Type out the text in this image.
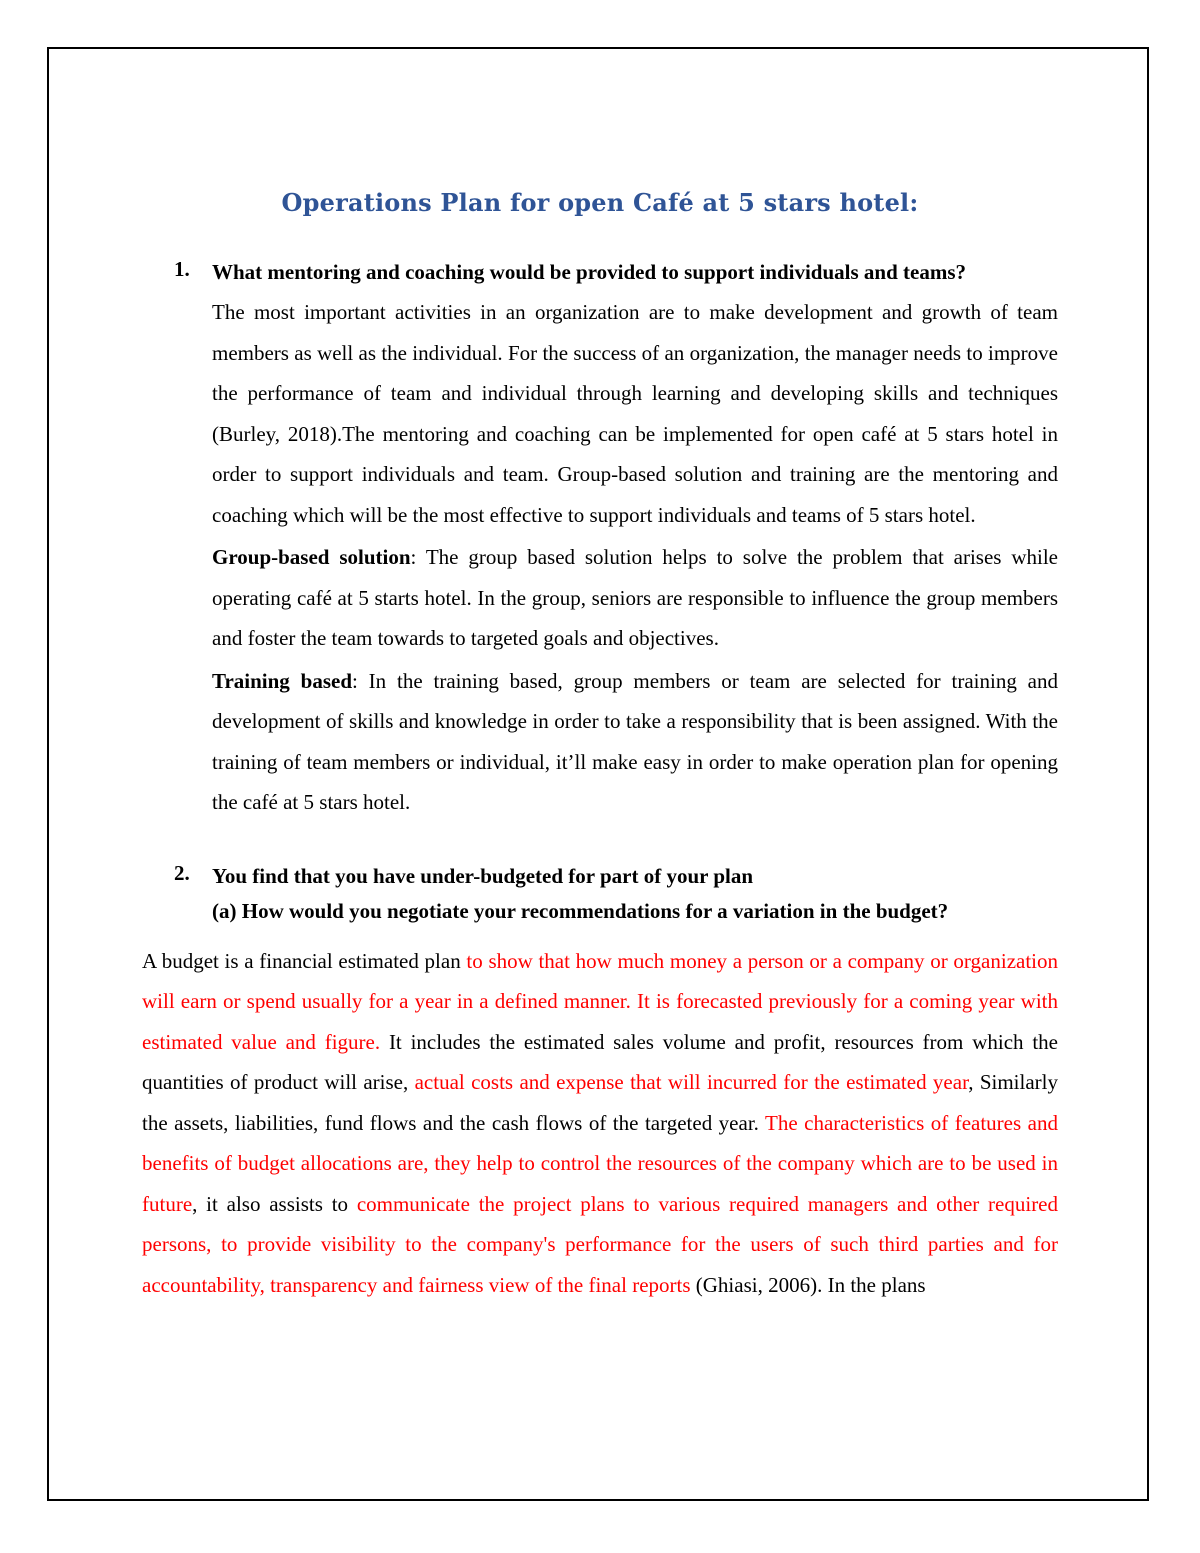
Operations Plan for open Café at 5 stars hotel:
1. What mentoring and coaching would be provided to support individuals and teams?

The most important activities in an organization are to make development and growth of team members as well as the individual. For the success of an organization, the manager needs to improve the performance of team and individual through learning and developing skills and techniques (Burley, 2018).The mentoring and coaching can be implemented for open café at 5 stars hotel in order to support individuals and team. Group-based solution and training are the mentoring and coaching which will be the most effective to support individuals and teams of 5 stars hotel.

Group-based solution: The group based solution helps to solve the problem that arises while operating café at 5 starts hotel. In the group, seniors are responsible to influence the group members and foster the team towards to targeted goals and objectives.

Training based: In the training based, group members or team are selected for training and development of skills and knowledge in order to take a responsibility that is been assigned. With the training of team members or individual, it’ll make easy in order to make operation plan for opening the café at 5 stars hotel.

2. You find that you have under-budgeted for part of your plan

(a) How would you negotiate your recommendations for a variation in the budget?

A budget is a financial estimated plan to show that how much money a person or a company or organization will earn or spend usually for a year in a defined manner. It is forecasted previously for a coming year with estimated value and figure. It includes the estimated sales volume and profit, resources from which the quantities of product will arise, actual costs and expense that will incurred for the estimated year, Similarly the assets, liabilities, fund flows and the cash flows of the targeted year. The characteristics of features and benefits of budget allocations are, they help to control the resources of the company which are to be used in future, it also assists to communicate the project plans to various required managers and other required persons, to provide visibility to the company's performance for the users of such third parties and for accountability, transparency and fairness view of the final reports (Ghiasi, 2006). In the plans
